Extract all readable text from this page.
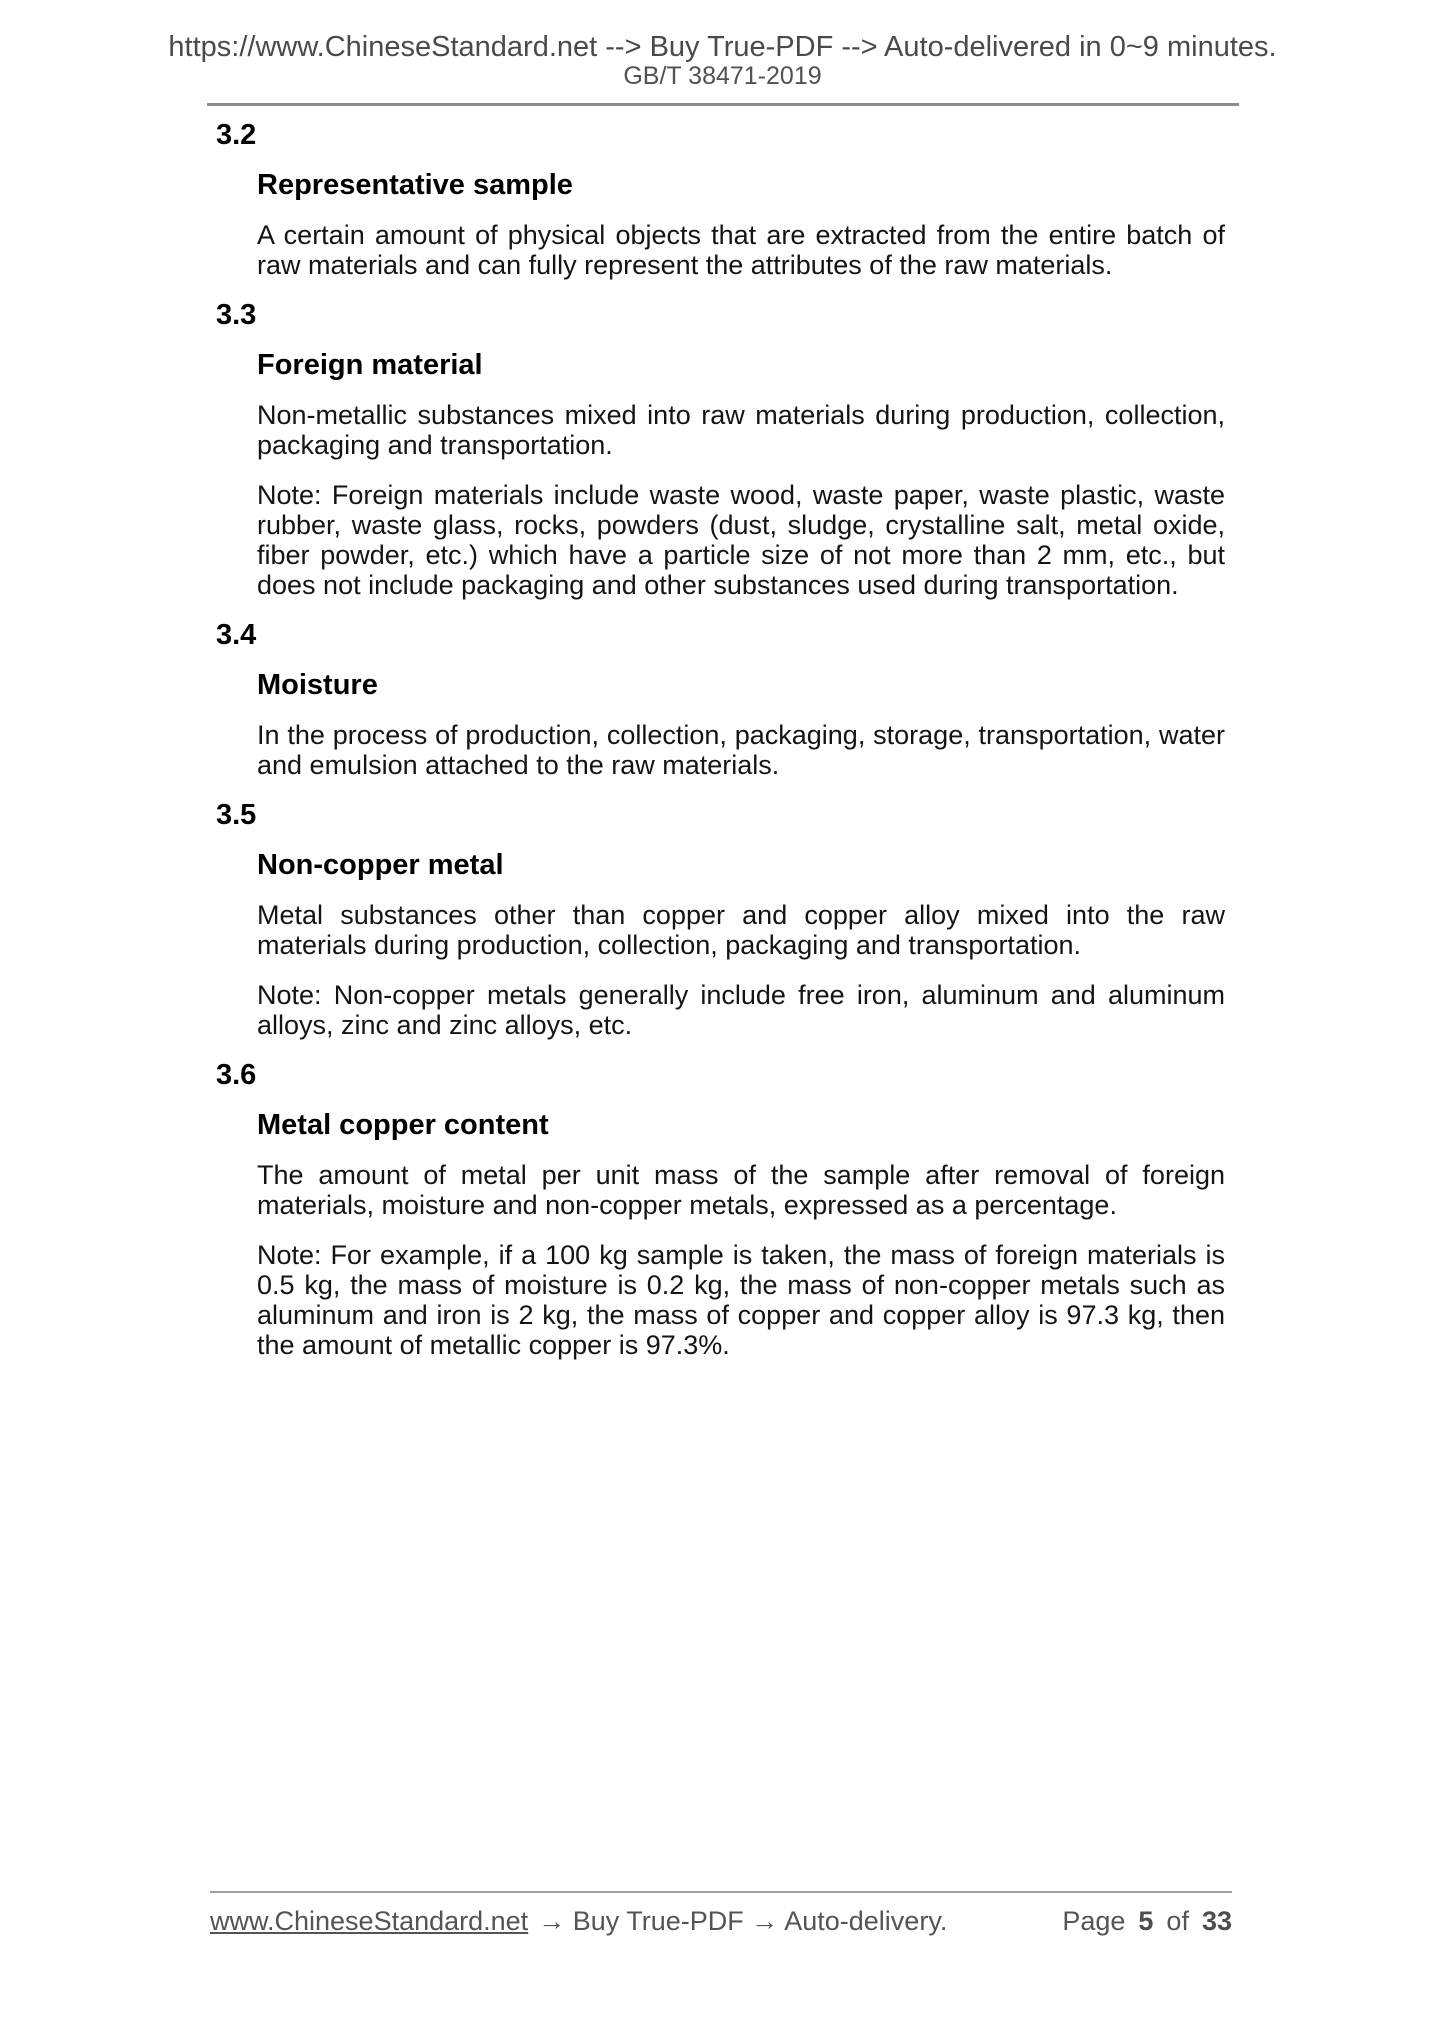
https://www.ChineseStandard.net --> Buy True-PDF --> Auto-delivered in 0~9 minutes.
GB/T 38471-2019
3.2
Representative sample

A certain amount of physical objects that are extracted from the entire batch of raw materials and can fully represent the attributes of the raw materials.

3.3
Foreign material

Non-metallic substances mixed into raw materials during production, collection, packaging and transportation.

Note: Foreign materials include waste wood, waste paper, waste plastic, waste rubber, waste glass, rocks, powders (dust, sludge, crystalline salt, metal oxide, fiber powder, etc.) which have a particle size of not more than 2 mm, etc., but does not include packaging and other substances used during transportation.

3.4
Moisture

In the process of production, collection, packaging, storage, transportation, water and emulsion attached to the raw materials.

3.5
Non-copper metal

Metal substances other than copper and copper alloy mixed into the raw materials during production, collection, packaging and transportation.

Note: Non-copper metals generally include free iron, aluminum and aluminum alloys, zinc and zinc alloys, etc.

3.6
Metal copper content

The amount of metal per unit mass of the sample after removal of foreign materials, moisture and non-copper metals, expressed as a percentage.

Note: For example, if a 100 kg sample is taken, the mass of foreign materials is 0.5 kg, the mass of moisture is 0.2 kg, the mass of non-copper metals such as aluminum and iron is 2 kg, the mass of copper and copper alloy is 97.3 kg, then the amount of metallic copper is 97.3%.

www.ChineseStandard.net → Buy True-PDF → Auto-delivery.	Page 5 of 33
